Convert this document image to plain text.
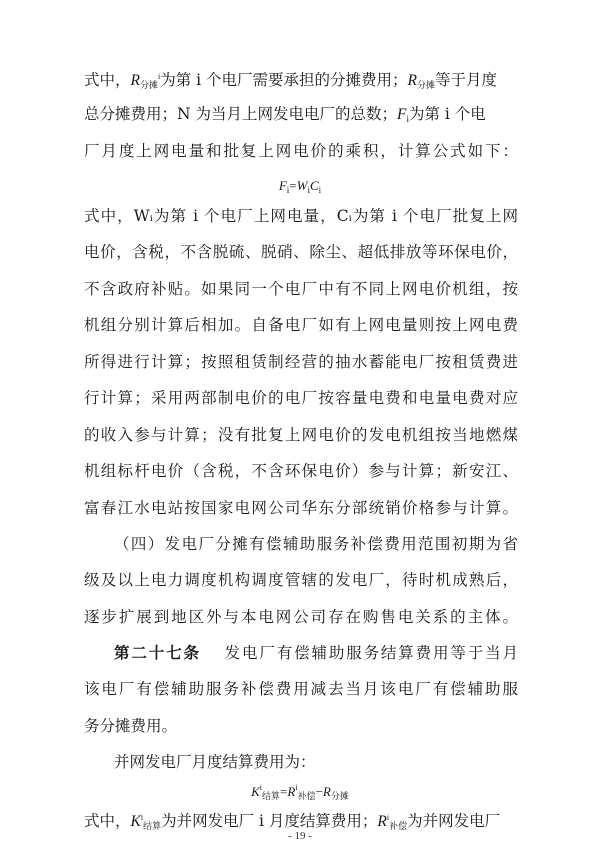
式中，$R_{分摊}^i$为第 i 个电厂需要承担的分摊费用；$R_{分摊}$等于月度
总分摊费用；N 为当月上网发电电厂的总数；$F_i$为第 i 个电
厂月度上网电量和批复上网电价的乘积，计算公式如下：
$F_i=W_iC_i$
式中，Wᵢ为第 i 个电厂上网电量，Cᵢ为第 i 个电厂批复上网
电价，含税，不含脱硫、脱硝、除尘、超低排放等环保电价，
不含政府补贴。如果同一个电厂中有不同上网电价机组，按
机组分别计算后相加。自备电厂如有上网电量则按上网电费
所得进行计算；按照租赁制经营的抽水蓄能电厂按租赁费进
行计算；采用两部制电价的电厂按容量电费和电量电费对应
的收入参与计算；没有批复上网电价的发电机组按当地燃煤
机组标杆电价（含税，不含环保电价）参与计算；新安江、
富春江水电站按国家电网公司华东分部统销价格参与计算。
（四）发电厂分摊有偿辅助服务补偿费用范围初期为省
级及以上电力调度机构调度管辖的发电厂，待时机成熟后，
逐步扩展到地区外与本电网公司存在购售电关系的主体。
第二十七条 发电厂有偿辅助服务结算费用等于当月
该电厂有偿辅助服务补偿费用减去当月该电厂有偿辅助服
务分摊费用。
并网发电厂月度结算费用为：
- 19 -
$K^i_{结算}=R^i_{补偿}-R_{分摊}$
式中，$K^i_{结算}$为并网发电厂 i 月度结算费用；$R^i_{补偿}$为并网发电厂
